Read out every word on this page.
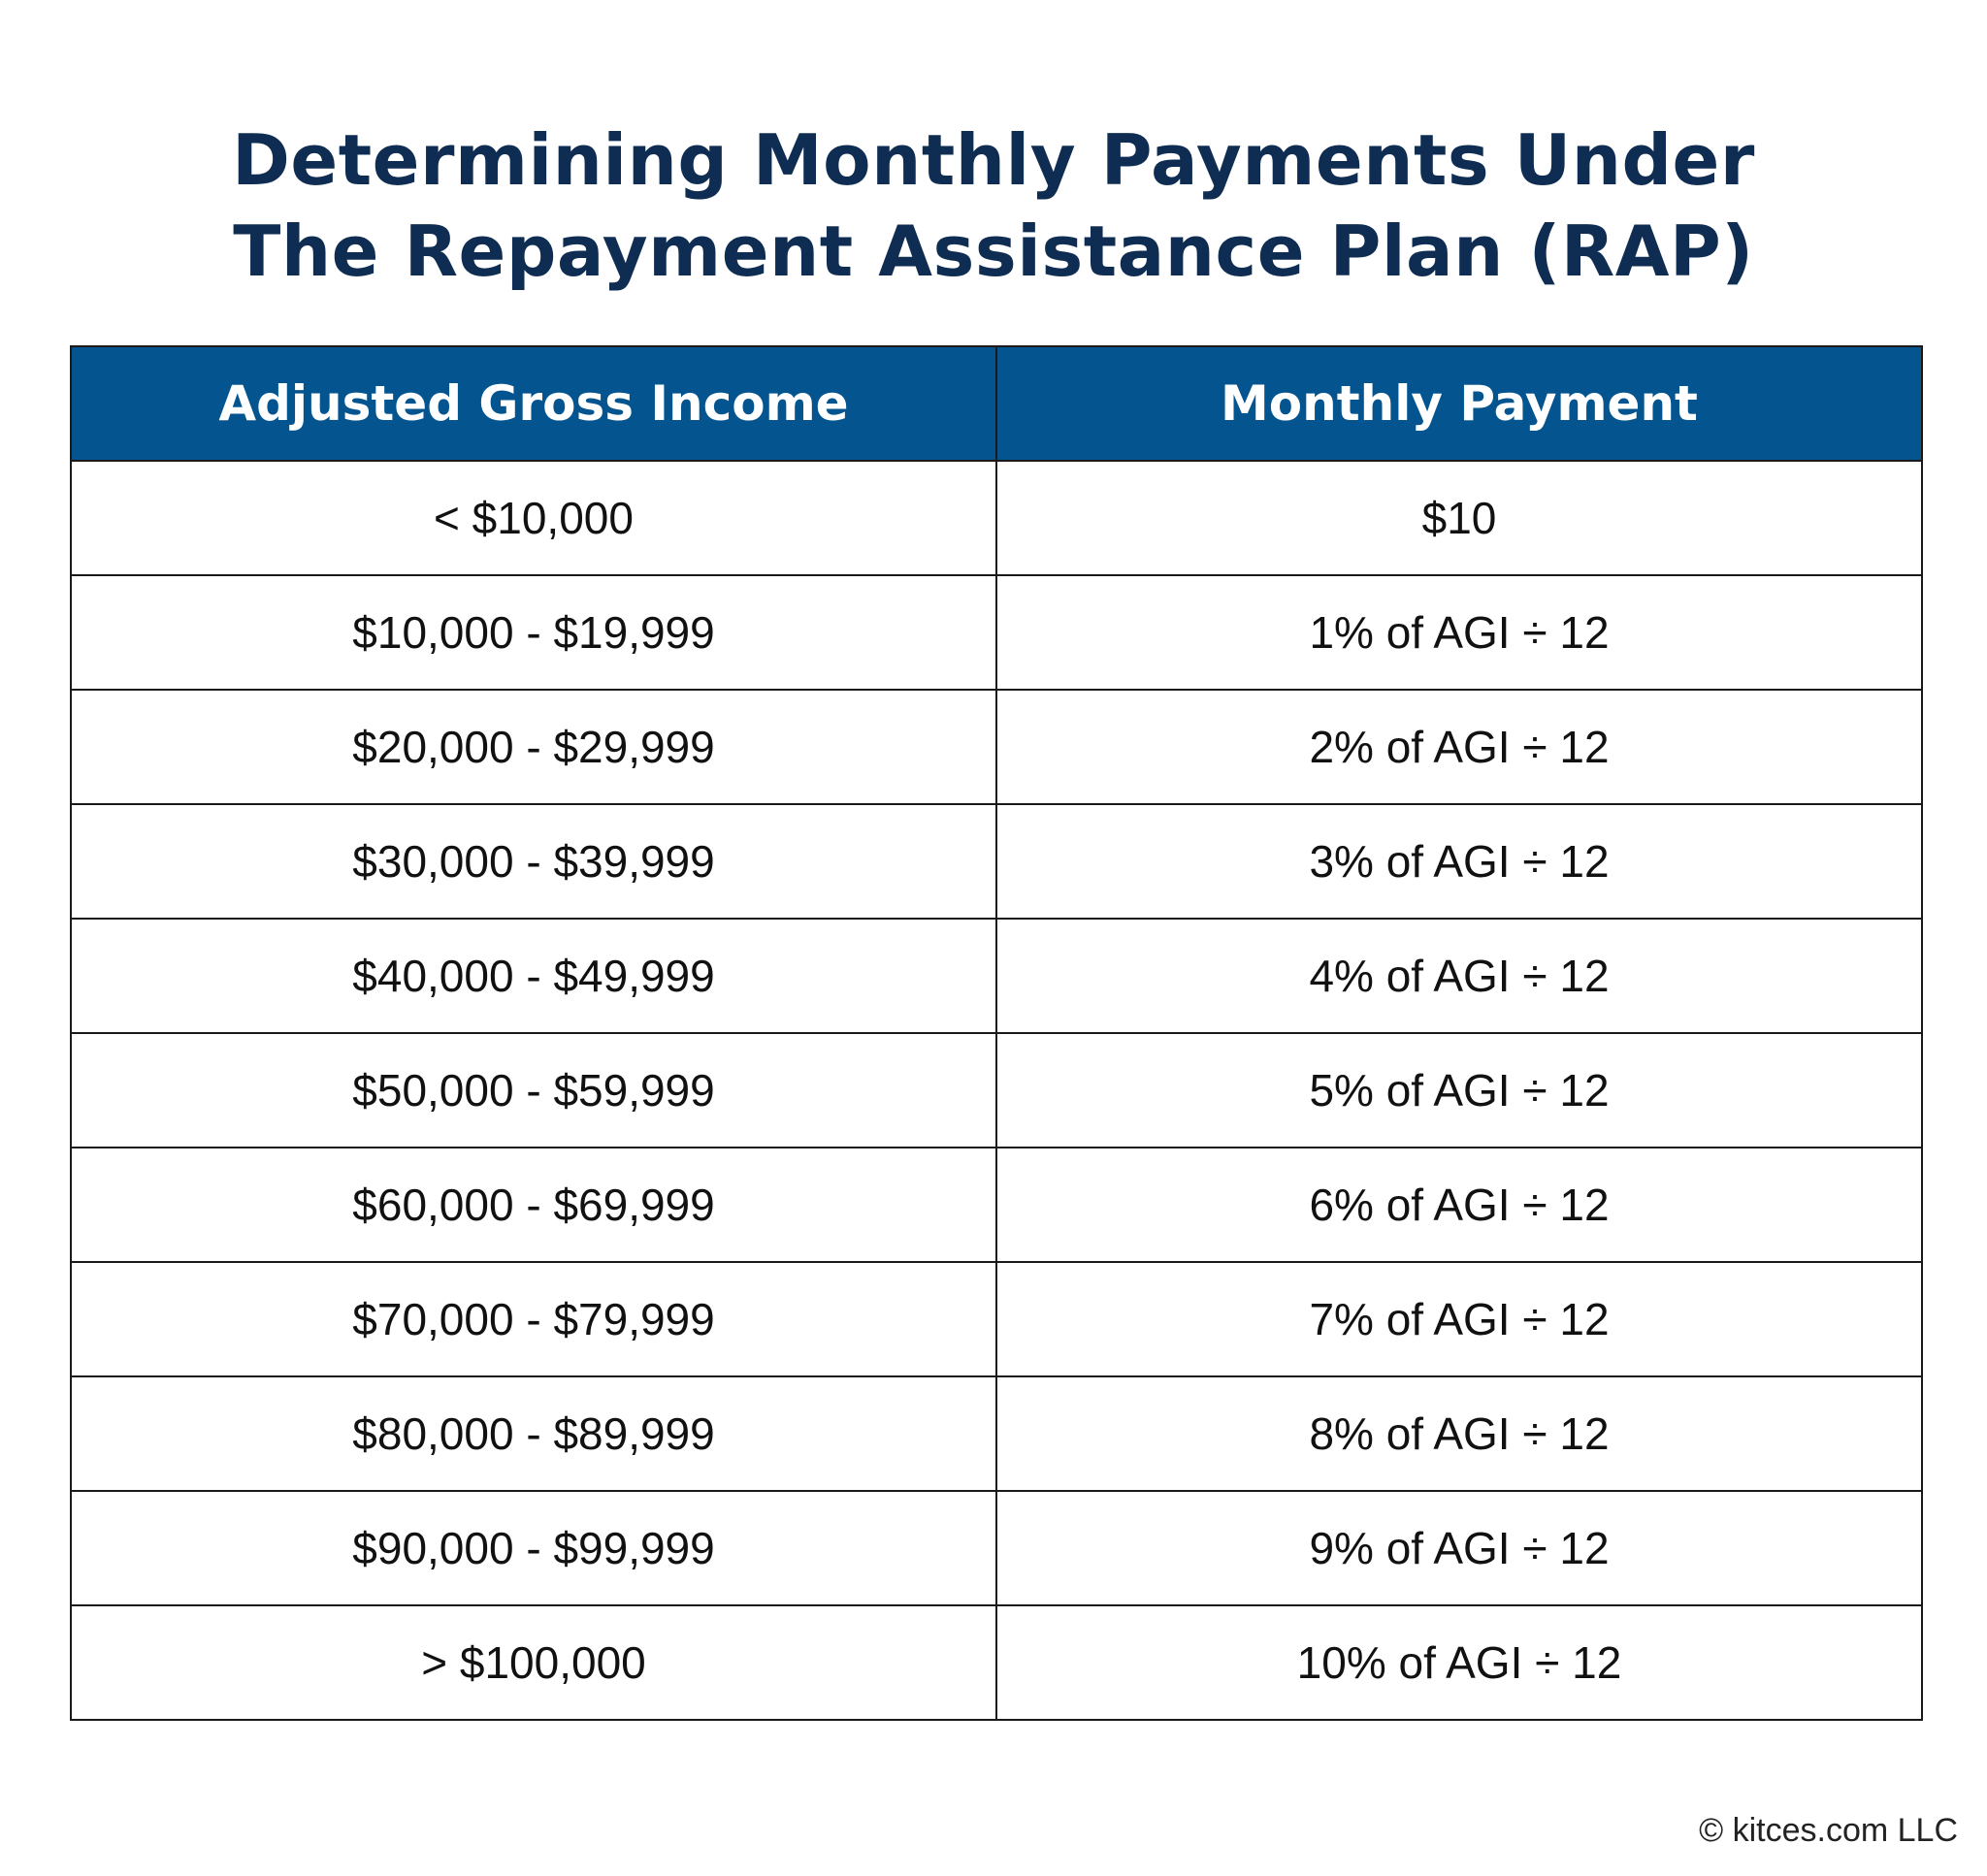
Determining Monthly Payments Under
The Repayment Assistance Plan (RAP)
Adjusted Gross Income	Monthly Payment
< $10,000	$10
$10,000 - $19,999	1% of AGI ÷ 12
$20,000 - $29,999	2% of AGI ÷ 12
$30,000 - $39,999	3% of AGI ÷ 12
$40,000 - $49,999	4% of AGI ÷ 12
$50,000 - $59,999	5% of AGI ÷ 12
$60,000 - $69,999	6% of AGI ÷ 12
$70,000 - $79,999	7% of AGI ÷ 12
$80,000 - $89,999	8% of AGI ÷ 12
$90,000 - $99,999	9% of AGI ÷ 12
> $100,000	10% of AGI ÷ 12
© kitces.com LLC
